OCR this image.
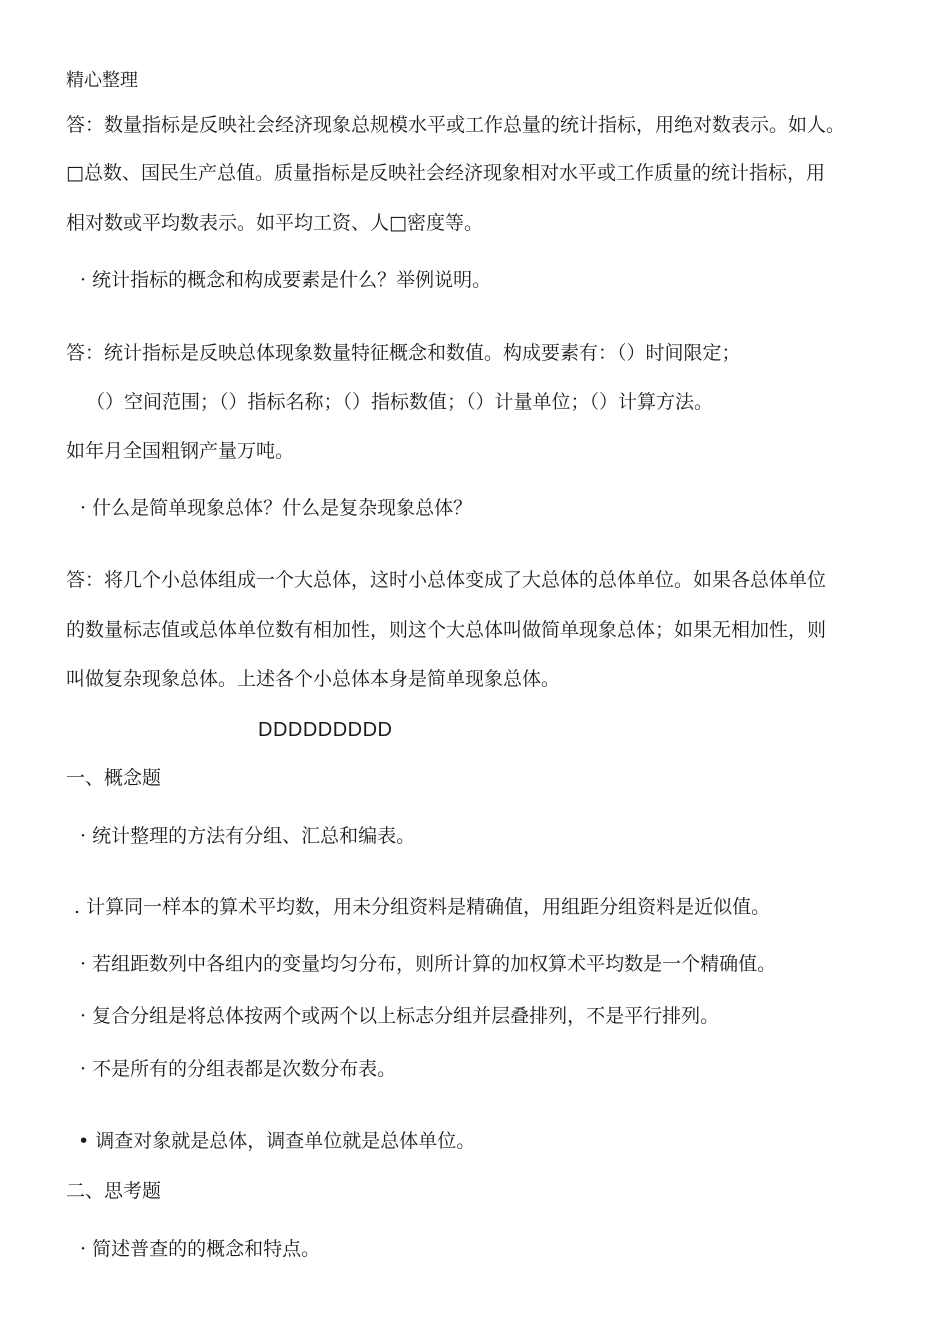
精心整理
答：数量指标是反映社会经济现象总规模水平或工作总量的统计指标，用绝对数表示。如人。
□总数、国民生产总值。质量指标是反映社会经济现象相对水平或工作质量的统计指标，用
相对数或平均数表示。如平均工资、人□密度等。
· 统计指标的概念和构成要素是什么？举例说明。
答：统计指标是反映总体现象数量特征概念和数值。构成要素有：（）时间限定；
（）空间范围；（）指标名称；（）指标数值；（）计量单位；（）计算方法。
如年月全国粗钢产量万吨。
· 什么是简单现象总体？什么是复杂现象总体？
答：将几个小总体组成一个大总体，这时小总体变成了大总体的总体单位。如果各总体单位
的数量标志值或总体单位数有相加性，则这个大总体叫做简单现象总体；如果无相加性，则
叫做复杂现象总体。上述各个小总体本身是简单现象总体。
DDDDDDDDD
一、概念题
· 统计整理的方法有分组、汇总和编表。
. 计算同一样本的算术平均数，用未分组资料是精确值，用组距分组资料是近似值。
· 若组距数列中各组内的变量均匀分布，则所计算的加权算术平均数是一个精确值。
· 复合分组是将总体按两个或两个以上标志分组并层叠排列，不是平行排列。
· 不是所有的分组表都是次数分布表。
• 调查对象就是总体，调查单位就是总体单位。
二、思考题
· 简述普查的的概念和特点。
